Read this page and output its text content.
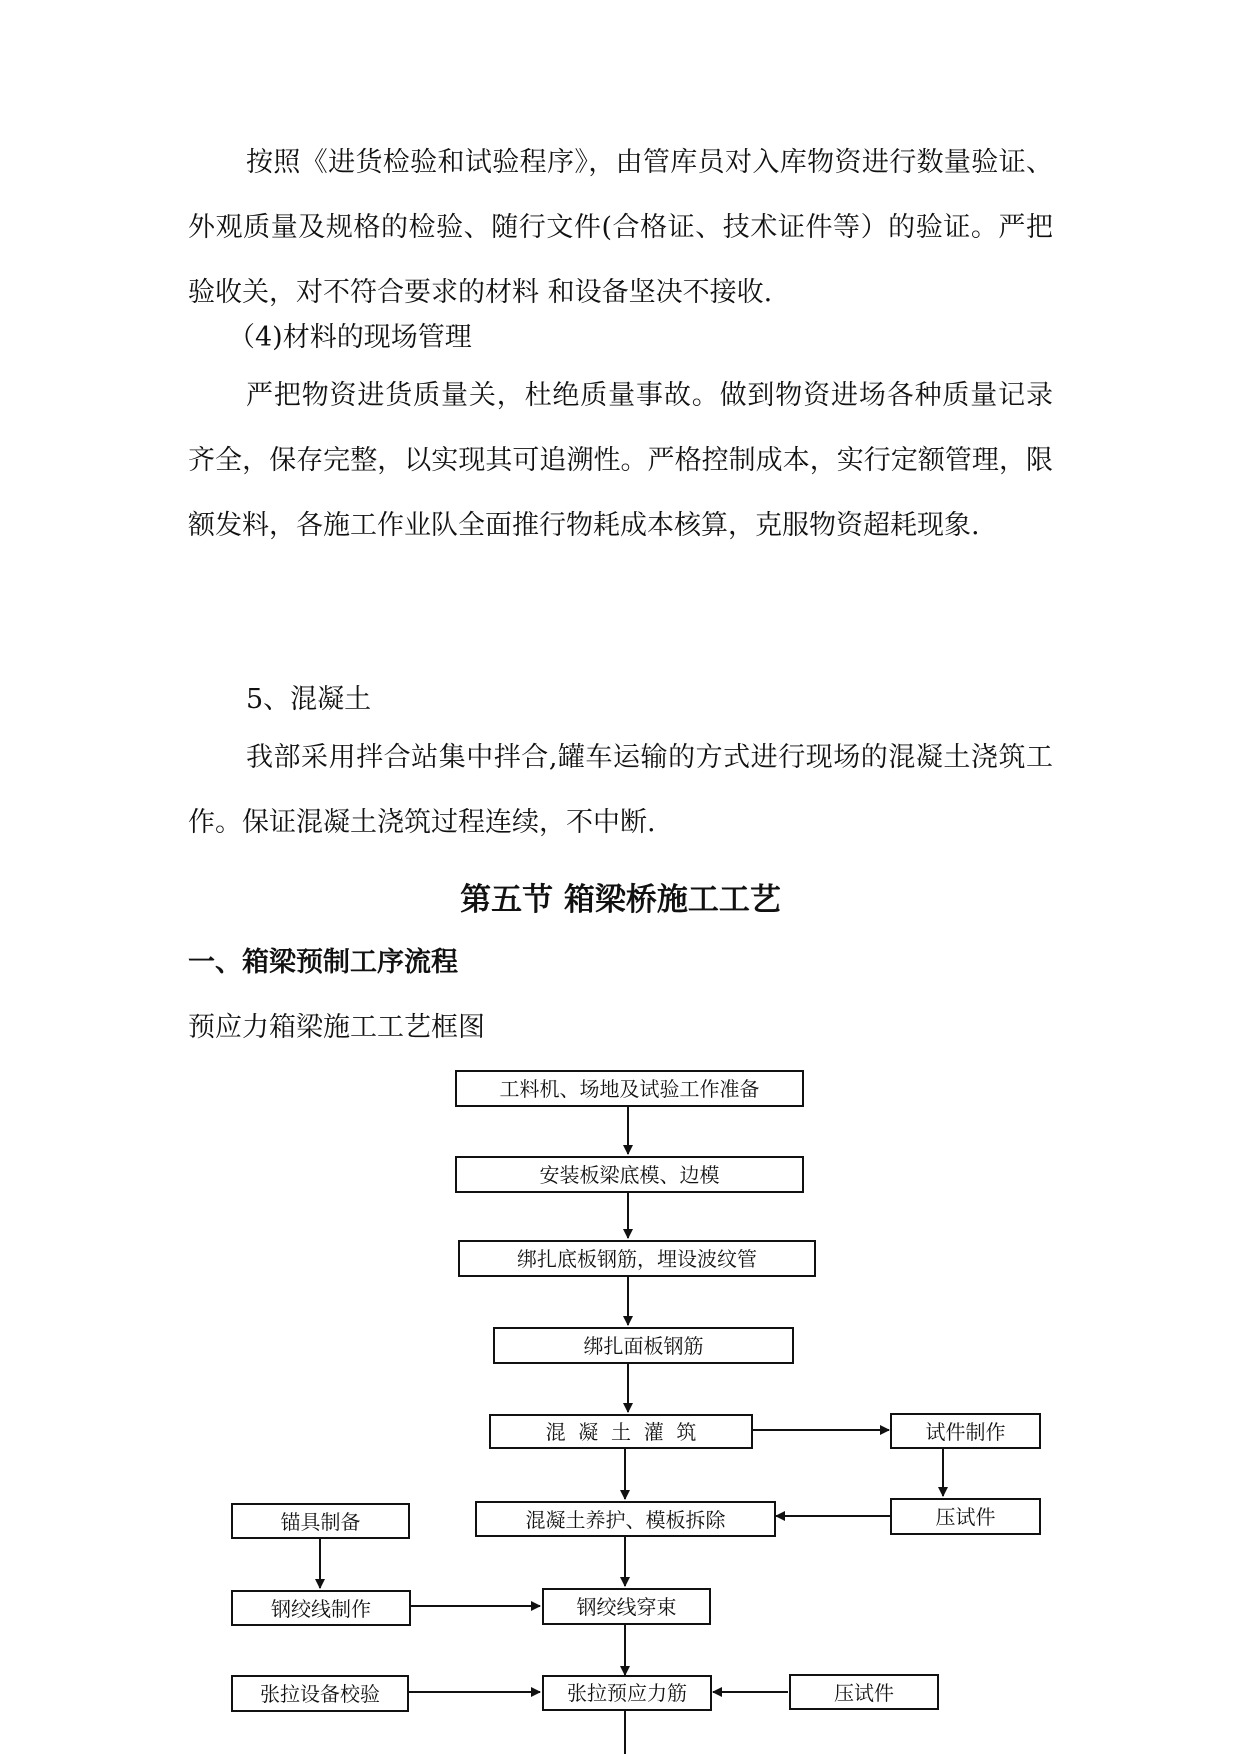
按照《进货检验和试验程序》，由管库员对入库物资进行数量验证、外观质量及规格的检验、随行文件(合格证、技术证件等）的验证。严把验收关，对不符合要求的材料 和设备坚决不接收.

（4)材料的现场管理

严把物资进货质量关，杜绝质量事故。做到物资进场各种质量记录齐全，保存完整，以实现其可追溯性。严格控制成本，实行定额管理，限额发料，各施工作业队全面推行物耗成本核算，克服物资超耗现象.

5、混凝土

我部采用拌合站集中拌合,罐车运输的方式进行现场的混凝土浇筑工作。保证混凝土浇筑过程连续，不中断.

第五节 箱梁桥施工工艺
一、箱梁预制工序流程

预应力箱梁施工工艺框图

工料机、场地及试验工作准备
安装板梁底模、边模
绑扎底板钢筋，埋设波纹管
绑扎面板钢筋
混  凝  土  灌  筑	试件制作
混凝土养护、模板拆除	压试件
锚具制备
钢绞线制作	钢绞线穿束
张拉设备校验	张拉预应力筋	压试件
